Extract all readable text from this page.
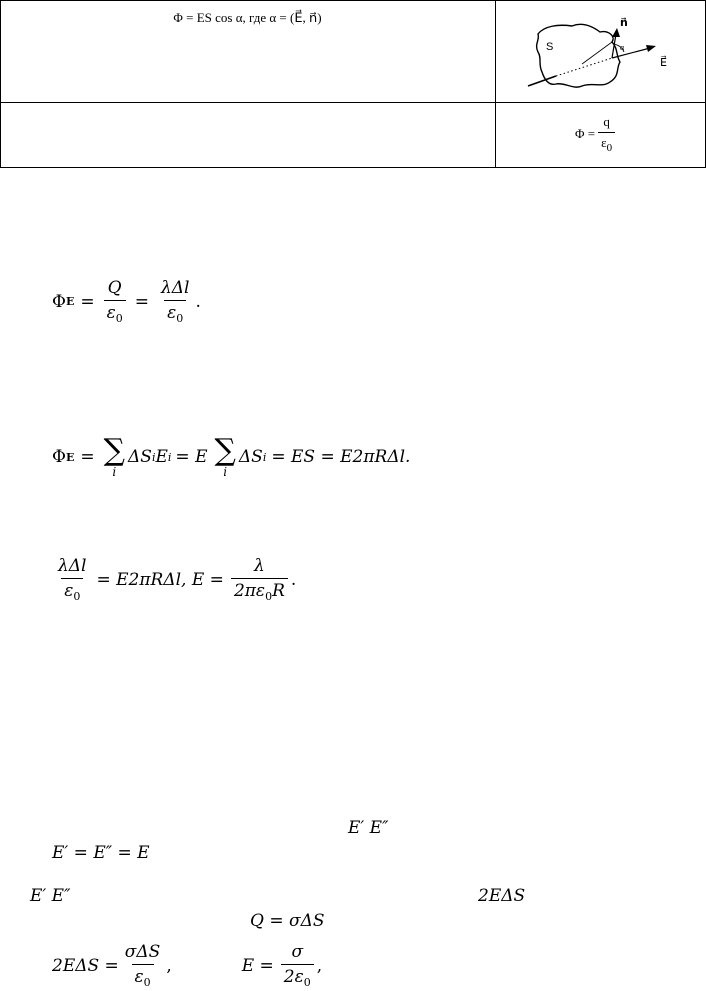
Φ = ES cos α, где α = (E⃗, n⃗)
S
n⃗
α
E⃗
$\Phi = \frac{q}{\varepsilon_0}$
Φ $E = \frac{Q}{\varepsilon_0} = \frac{\text{λΔl}}{\varepsilon_0}$ .
Φ E = ∑
i
ΔS i E i = E ∑
i
ΔS i = ES = E2πRΔl.
$\frac{\text{λΔl}}{\varepsilon_0} = E2\pi R\Delta l$, $E = \frac{\lambda}{2\pi\varepsilon_0R}$ .
E′ E″
E′ = E″ = E
E′ E″	2EΔS
Q = σΔS
$2E\Delta S = \frac{\text{σΔS}}{\varepsilon_0}$ ,	$E = \frac{\sigma}{2\varepsilon_0}$ ,
